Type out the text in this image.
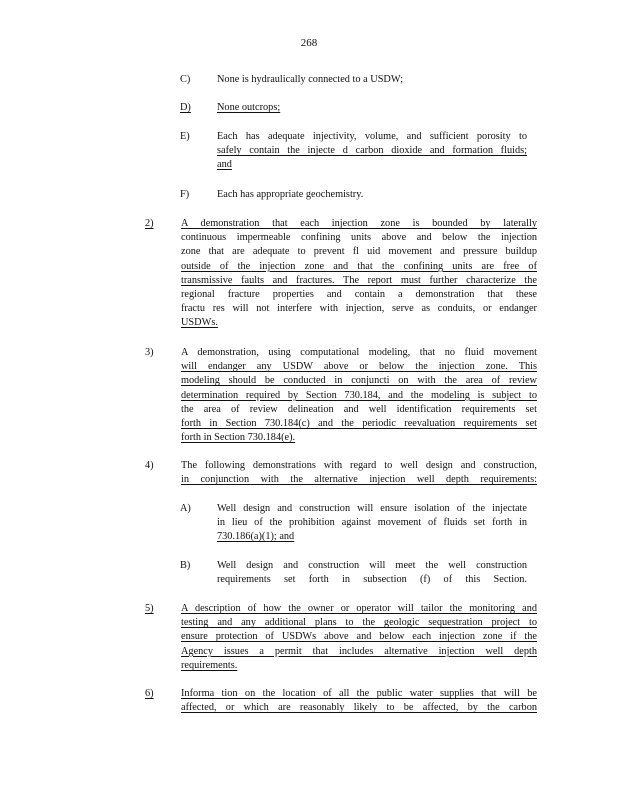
268
C)	None is hydraulically connected to a USDW;
D)	None outcrops;
E)	Each has adequate injectivity, volume, and sufficient porosity to
safely contain the injecte d carbon dioxide and formation fluids;
and
F)	Each has appropriate geochemistry.
2)	A demonstration that each injection zone is bounded by laterally
continuous impermeable confining units above and below the injection
zone that are adequate to prevent fl uid movement and pressure buildup
outside of the injection zone and that the confining units are free of
transmissive faults and fractures. The report must further characterize the
regional fracture properties and contain a demonstration that these
fractu res will not interfere with injection, serve as conduits, or endanger
USDWs.
3)	A demonstration, using computational modeling, that no fluid movement
will endanger any USDW above or below the injection zone. This
modeling should be conducted in conjuncti on with the area of review
determination required by Section 730.184, and the modeling is subject to
the area of review delineation and well identification requirements set
forth in Section 730.184(c) and the periodic reevaluation requirements set
forth in Section 730.184(e).
4)	The following demonstrations with regard to well design and construction,
in conjunction with the alternative injection well depth requirements:
A)	Well design and construction will ensure isolation of the injectate
in lieu of the prohibition against movement of fluids set forth in
730.186(a)(1); and
B)	Well design and construction will meet the well construction
requirements set forth in subsection (f) of this Section.
5)	A description of how the owner or operator will tailor the monitoring and
testing and any additional plans to the geologic sequestration project to
ensure protection of USDWs above and below each injection zone if the
Agency issues a permit that includes alternative injection well depth
requirements.
6)	Informa tion on the location of all the public water supplies that will be
affected, or which are reasonably likely to be affected, by the carbon
